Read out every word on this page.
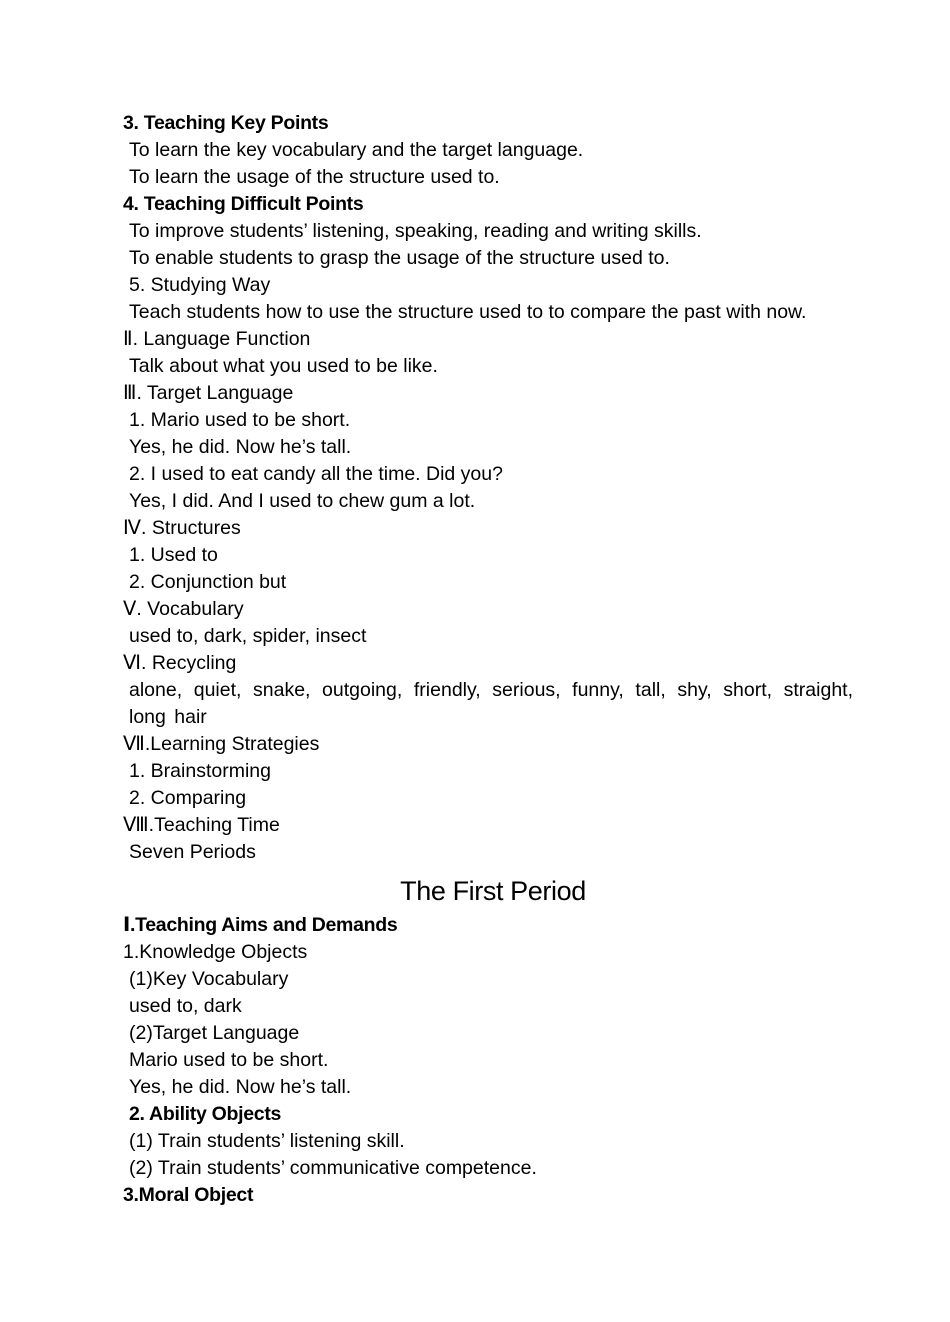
3. Teaching Key Points
To learn the key vocabulary and the target language.
To learn the usage of the structure used to.
4. Teaching Difficult Points
To improve students’ listening, speaking, reading and writing skills.
To enable students to grasp the usage of the structure used to.
5. Studying Way
Teach students how to use the structure used to to compare the past with now.
Ⅱ. Language Function
Talk about what you used to be like.
Ⅲ. Target Language
1. Mario used to be short.
Yes, he did. Now he’s tall.
2. I used to eat candy all the time. Did you?
Yes, I did. And I used to chew gum a lot.
Ⅳ. Structures
1. Used to
2. Conjunction but
Ⅴ. Vocabulary
used to, dark, spider, insect
Ⅵ. Recycling
alone, quiet, snake, outgoing, friendly, serious, funny, tall, shy, short, straight, long hair
Ⅶ.Learning Strategies
1. Brainstorming
2. Comparing
Ⅷ.Teaching Time
Seven Periods
The First Period
Ⅰ.Teaching Aims and Demands
1.Knowledge Objects
(1)Key Vocabulary
used to, dark
(2)Target Language
Mario used to be short.
Yes, he did. Now he’s tall.
2. Ability Objects
(1) Train students’ listening skill.
(2) Train students’ communicative competence.
3.Moral Object
